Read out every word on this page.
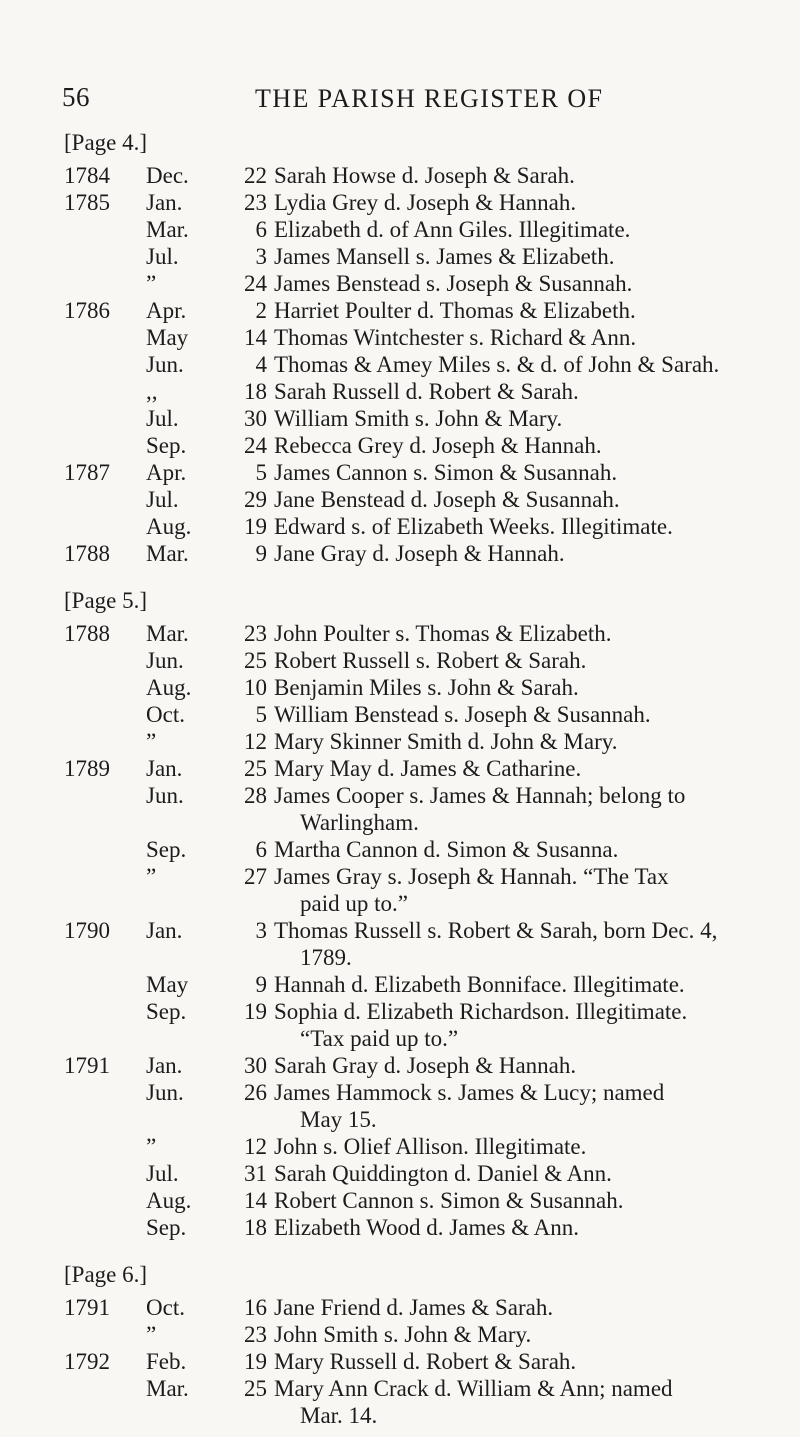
56	THE PARISH REGISTER OF
[Page 4.]
1784 Dec. 22 Sarah Howse d. Joseph & Sarah.
1785 Jan.	23 Lydia Grey d. Joseph & Hannah.
Mar.	6 Elizabeth d. of Ann Giles. Illegitimate.
Jul.	3 James Mansell s. James & Elizabeth.
”	24 James Benstead s. Joseph & Susannah.
1786 Apr.	2 Harriet Poulter d. Thomas & Elizabeth.
May 14 Thomas Wintchester s. Richard & Ann.
Jun.	4 Thomas & Amey Miles s. & d. of John & Sarah.
,,	18 Sarah Russell d. Robert & Sarah.
Jul.	30 William Smith s. John & Mary.
Sep.	24 Rebecca Grey d. Joseph & Hannah.
1787 Apr.	5 James Cannon s. Simon & Susannah.
Jul.	29 Jane Benstead d. Joseph & Susannah.
Aug. 19 Edward s. of Elizabeth Weeks. Illegitimate.
1788 Mar.	9 Jane Gray d. Joseph & Hannah.
[Page 5.]
1788 Mar. 23 John Poulter s. Thomas & Elizabeth.
Jun.	25 Robert Russell s. Robert & Sarah.
Aug. 10 Benjamin Miles s. John & Sarah.
Oct.	5 William Benstead s. Joseph & Susannah.
”	12 Mary Skinner Smith d. John & Mary.
1789 Jan.	25 Mary May d. James & Catharine.
Jun.	28 James Cooper s. James & Hannah; belong to
Warlingham.
Sep.	6 Martha Cannon d. Simon & Susanna.
”	27 James Gray s. Joseph & Hannah. “The Tax
paid up to.”
1790 Jan.	3 Thomas Russell s. Robert & Sarah, born Dec. 4,
1789.
May	9 Hannah d. Elizabeth Bonniface. Illegitimate.
Sep.	19 Sophia d. Elizabeth Richardson. Illegitimate.
“Tax paid up to.”
1791 Jan.	30 Sarah Gray d. Joseph & Hannah.
Jun.	26 James Hammock s. James & Lucy; named
May 15.
”	12 John s. Olief Allison. Illegitimate.
Jul.	31 Sarah Quiddington d. Daniel & Ann.
Aug. 14 Robert Cannon s. Simon & Susannah.
Sep.	18 Elizabeth Wood d. James & Ann.
[Page 6.]
1791 Oct.	16 Jane Friend d. James & Sarah.
”	23 John Smith s. John & Mary.
1792 Feb.	19 Mary Russell d. Robert & Sarah.
Mar. 25 Mary Ann Crack d. William & Ann; named
Mar. 14.
